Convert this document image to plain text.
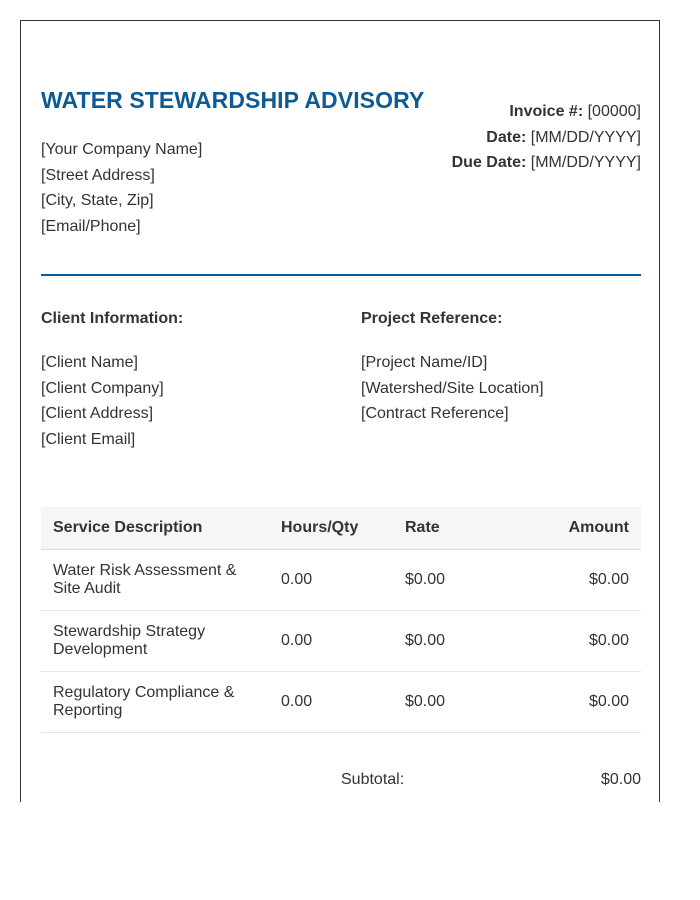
WATER STEWARDSHIP ADVISORY
[Your Company Name]
[Street Address]
[City, State, Zip]
[Email/Phone]
Invoice #: [00000]
Date: [MM/DD/YYYY]
Due Date: [MM/DD/YYYY]
Client Information:
[Client Name]
[Client Company]
[Client Address]
[Client Email]
Project Reference:
[Project Name/ID]
[Watershed/Site Location]
[Contract Reference]
Service Description	Hours/Qty	Rate	Amount
Water Risk Assessment & Site Audit	0.00	$0.00	$0.00
Stewardship Strategy Development	0.00	$0.00	$0.00
Regulatory Compliance & Reporting	0.00	$0.00	$0.00
Subtotal:	$0.00
